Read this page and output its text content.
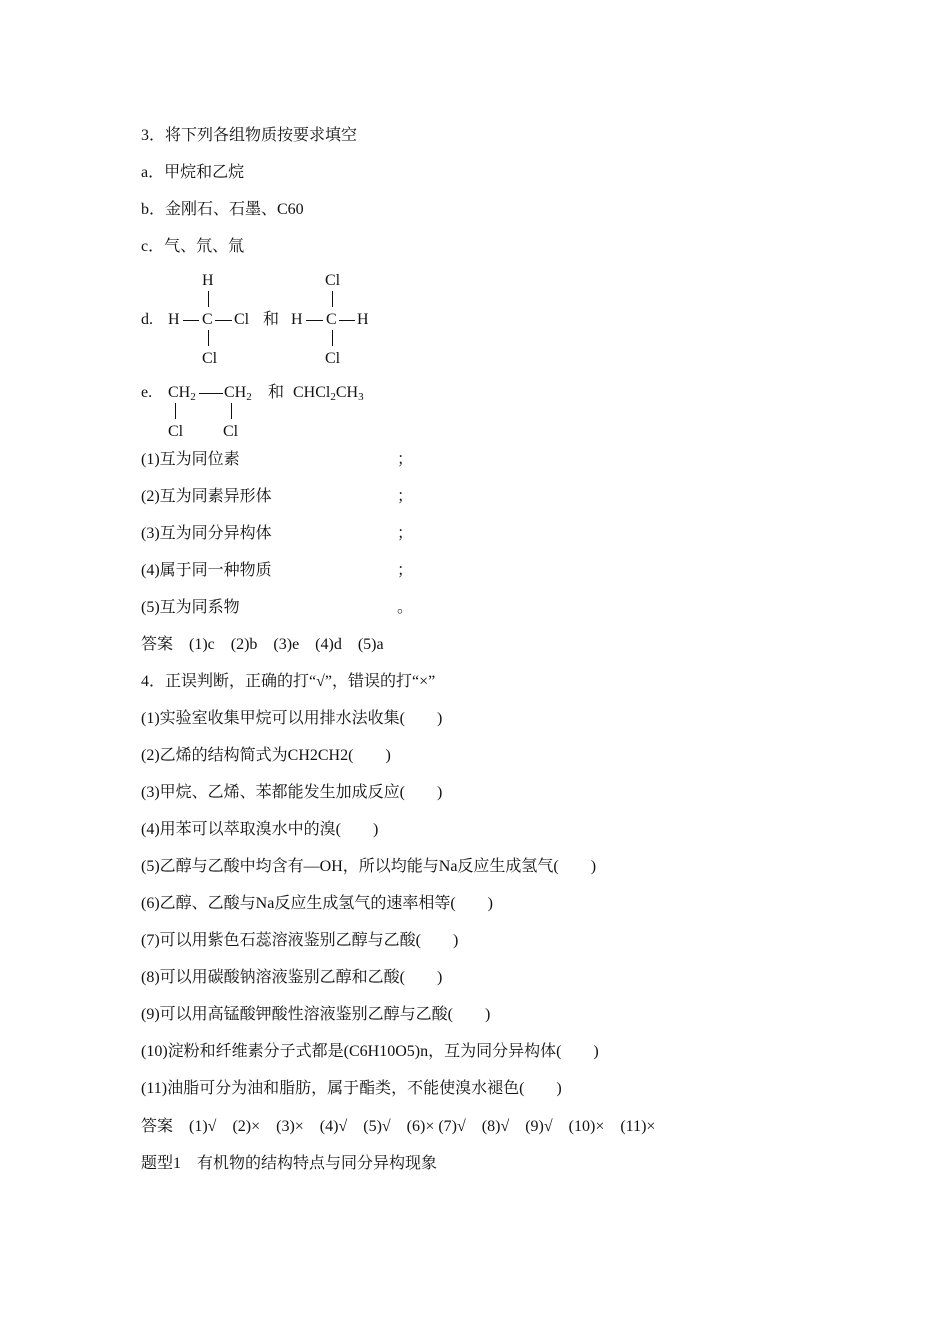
3．将下列各组物质按要求填空
a．甲烷和乙烷
b．金刚石、石墨、C60
c．气、氘、氚
d.
H
H C Cl
Cl
和
Cl
H C H
Cl
e. $CH_2$ $CH_2$
Cl Cl
和 $CHCl_2CH_3$
(1)互为同位素	；
(2)互为同素异形体	；
(3)互为同分异构体	；
(4)属于同一种物质	；
(5)互为同系物	。
答案　(1)c　(2)b　(3)e　(4)d　(5)a
4．正误判断，正确的打“√”，错误的打“×”
(1)实验室收集甲烷可以用排水法收集(　　)
(2)乙烯的结构简式为CH2CH2(　　)
(3)甲烷、乙烯、苯都能发生加成反应(　　)
(4)用苯可以萃取溴水中的溴(　　)
(5)乙醇与乙酸中均含有—OH，所以均能与Na反应生成氢气(　　)
(6)乙醇、乙酸与Na反应生成氢气的速率相等(　　)
(7)可以用紫色石蕊溶液鉴别乙醇与乙酸(　　)
(8)可以用碳酸钠溶液鉴别乙醇和乙酸(　　)
(9)可以用高锰酸钾酸性溶液鉴别乙醇与乙酸(　　)
(10)淀粉和纤维素分子式都是(C6H10O5)n，互为同分异构体(　　)
(11)油脂可分为油和脂肪，属于酯类，不能使溴水褪色(　　)
答案　(1)√　(2)×　(3)×　(4)√　(5)√　(6)× (7)√　(8)√　(9)√　(10)×　(11)×
题型1　有机物的结构特点与同分异构现象
